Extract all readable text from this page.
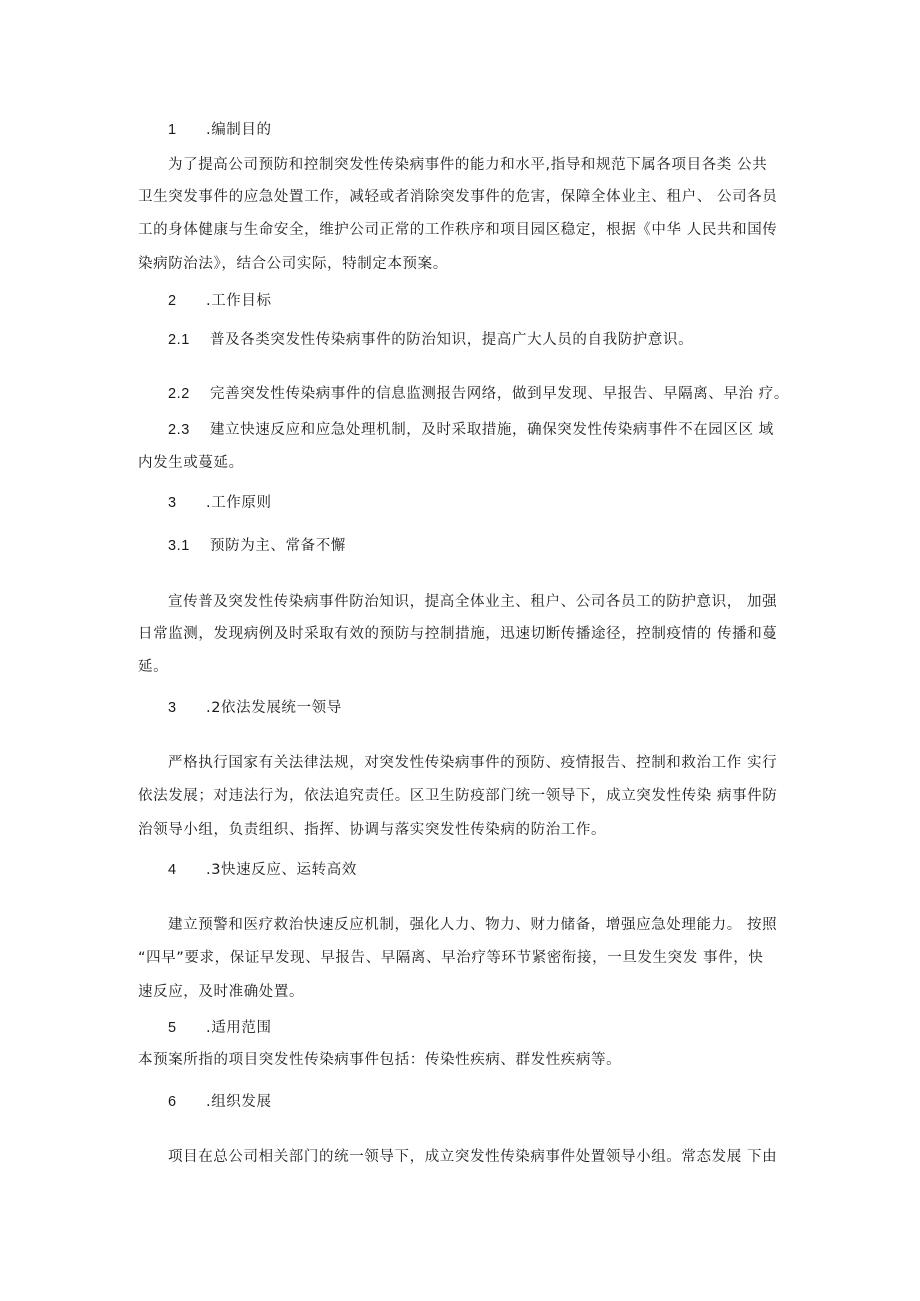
1 .编制目的
为了提高公司预防和控制突发性传染病事件的能力和水平,指导和规范下属各项目各类 公共
卫生突发事件的应急处置工作，减轻或者消除突发事件的危害，保障全体业主、租户、 公司各员
工的身体健康与生命安全，维护公司正常的工作秩序和项目园区稳定，根据《中华 人民共和国传
染病防治法》，结合公司实际，特制定本预案。
2 .工作目标
2.1 普及各类突发性传染病事件的防治知识，提高广大人员的自我防护意识。
2.2 完善突发性传染病事件的信息监测报告网络，做到早发现、早报告、早隔离、早治 疗。
2.3 建立快速反应和应急处理机制，及时采取措施，确保突发性传染病事件不在园区区 域
内发生或蔓延。
3 .工作原则
3.1 预防为主、常备不懈
宣传普及突发性传染病事件防治知识，提高全体业主、租户、公司各员工的防护意识， 加强
日常监测，发现病例及时采取有效的预防与控制措施，迅速切断传播途径，控制疫情的 传播和蔓
延。
3 .2依法发展统一领导
严格执行国家有关法律法规，对突发性传染病事件的预防、疫情报告、控制和救治工作 实行
依法发展；对违法行为，依法追究责任。区卫生防疫部门统一领导下，成立突发性传染 病事件防
治领导小组，负责组织、指挥、协调与落实突发性传染病的防治工作。
4 .3快速反应、运转高效
建立预警和医疗救治快速反应机制，强化人力、物力、财力储备，增强应急处理能力。 按照
“四早”要求，保证早发现、早报告、早隔离、早治疗等环节紧密衔接，一旦发生突发 事件，快
速反应，及时准确处置。
5 .适用范围
本预案所指的项目突发性传染病事件包括：传染性疾病、群发性疾病等。
6 .组织发展
项目在总公司相关部门的统一领导下，成立突发性传染病事件处置领导小组。常态发展 下由
